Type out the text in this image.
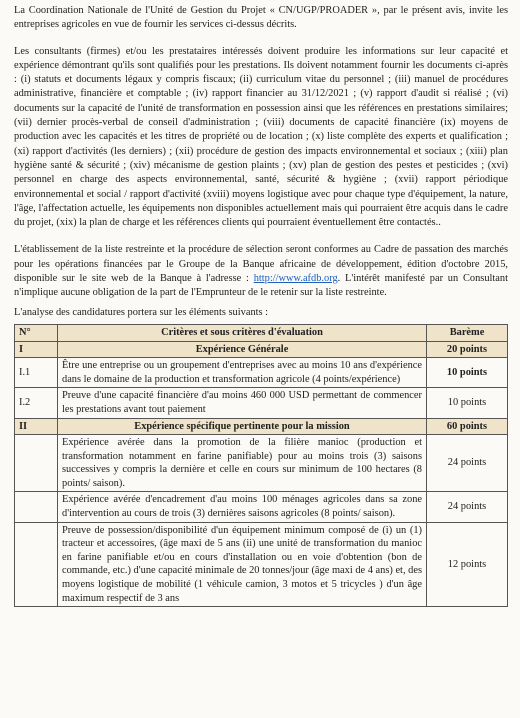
La Coordination Nationale de l'Unité de Gestion du Projet « CN/UGP/PROADER », par le présent avis, invite les entreprises agricoles en vue de fournir les services ci-dessus décrits.

Les consultants (firmes) et/ou les prestataires intéressés doivent produire les informations sur leur capacité et expérience démontrant qu'ils sont qualifiés pour les prestations. Ils doivent notamment fournir les documents ci-après : (i) statuts et documents légaux y compris fiscaux; (ii) curriculum vitae du personnel ; (iii) manuel de procédures administrative, financière et comptable ; (iv) rapport financier au 31/12/2021 ; (v) rapport d'audit si réalisé ; (vi) documents sur la capacité de l'unité de transformation en possession ainsi que les références en prestations similaires; (vii) dernier procès-verbal de conseil d'administration ; (viii) documents de capacité financière (ix) moyens de production avec les capacités et les titres de propriété ou de location ; (x) liste complète des experts et qualification ; (xi) rapport d'activités (les derniers) ; (xii) procédure de gestion des impacts environnemental et sociaux ; (xiii) plan hygiène santé & sécurité ; (xiv) mécanisme de gestion plaints ; (xv) plan de gestion des pestes et pesticides ; (xvi) personnel en charge des aspects environnemental, santé, sécurité & hygiène ; (xvii) rapport périodique environnemental et social / rapport d'activité (xviii) moyens logistique avec pour chaque type d'équipement, la nature, l'âge, l'affectation actuelle, les équipements non disponibles actuellement mais qui pourraient être acquis dans le cadre du projet, (xix) la plan de charge et les références clients qui pourraient éventuellement être contactés..

L'établissement de la liste restreinte et la procédure de sélection seront conformes au Cadre de passation des marchés pour les opérations financées par le Groupe de la Banque africaine de développement, édition d'octobre 2015, disponible sur le site web de la Banque à l'adresse : http://www.afdb.org. L'intérêt manifesté par un Consultant n'implique aucune obligation de la part de l'Emprunteur de le retenir sur la liste restreinte.

L'analyse des candidatures portera sur les éléments suivants :

N°	Critères et sous critères d'évaluation	Barème
I	Expérience Générale	20 points
I.1	Être une entreprise ou un groupement d'entreprises avec au moins 10 ans d'expérience dans le domaine de la production et transformation agricole (4 points/expérience)	10 points
I.2	Preuve d'une capacité financière d'au moins 460 000 USD permettant de commencer les prestations avant tout paiement	10 points
II	Expérience spécifique pertinente pour la mission	60 points
	Expérience avérée dans la promotion de la filière manioc (production et transformation notamment en farine panifiable) pour au moins trois (3) saisons successives y compris la dernière et celle en cours sur minimum de 100 hectares (8 points/ saison).	24 points
	Expérience avérée d'encadrement d'au moins 100 ménages agricoles dans sa zone d'intervention au cours de trois (3) dernières saisons agricoles (8 points/ saison).	24 points
	Preuve de possession/disponibilité d'un équipement minimum composé de (i) un (1) tracteur et accessoires, (âge maxi de 5 ans (ii) une unité de transformation du manioc en farine panifiable et/ou en cours d'installation ou en voie d'obtention (bon de commande, etc.) d'une capacité minimale de 20 tonnes/jour (âge maxi de 4 ans) et, des moyens logistique de mobilité (1 véhicule camion, 3 motos et 5 tricycles ) d'un âge maximum respectif de 3 ans	12 points
